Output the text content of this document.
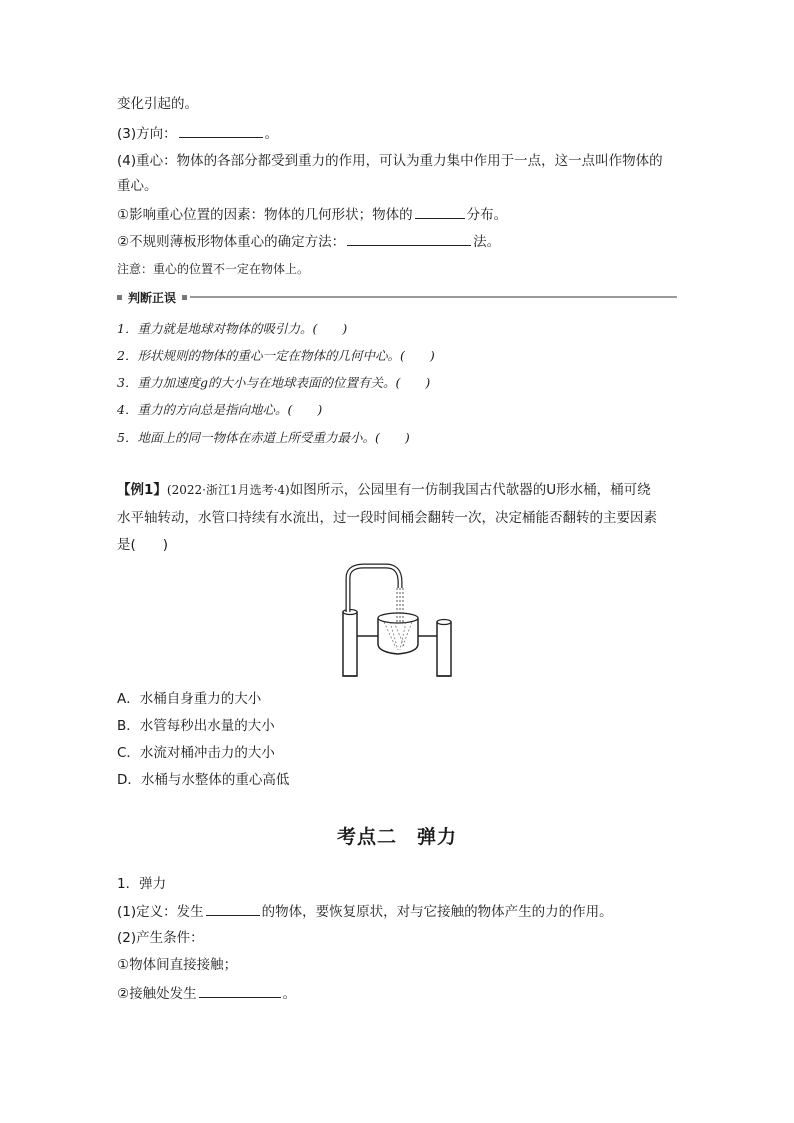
变化引起的。
(3)方向：	。
(4)重心：物体的各部分都受到重力的作用，可认为重力集中作用于一点，这一点叫作物体的
重心。
①影响重心位置的因素：物体的几何形状；物体的	分布。
②不规则薄板形物体重心的确定方法：	法。
注意：重心的位置不一定在物体上。
判断正误
1．重力就是地球对物体的吸引力。(　　)
2．形状规则的物体的重心一定在物体的几何中心。(　　)
3．重力加速度g的大小与在地球表面的位置有关。(　　)
4．重力的方向总是指向地心。(　　)
5．地面上的同一物体在赤道上所受重力最小。(　　)
【例1】(2022·浙江1月选考·4)如图所示，公园里有一仿制我国古代欹器的U形水桶，桶可绕
水平轴转动，水管口持续有水流出，过一段时间桶会翻转一次，决定桶能否翻转的主要因素
是(　　)
A．水桶自身重力的大小
B．水管每秒出水量的大小
C．水流对桶冲击力的大小
D．水桶与水整体的重心高低
考点二　弹力
1．弹力
(1)定义：发生	的物体，要恢复原状，对与它接触的物体产生的力的作用。
(2)产生条件：
①物体间直接接触；
②接触处发生	。
